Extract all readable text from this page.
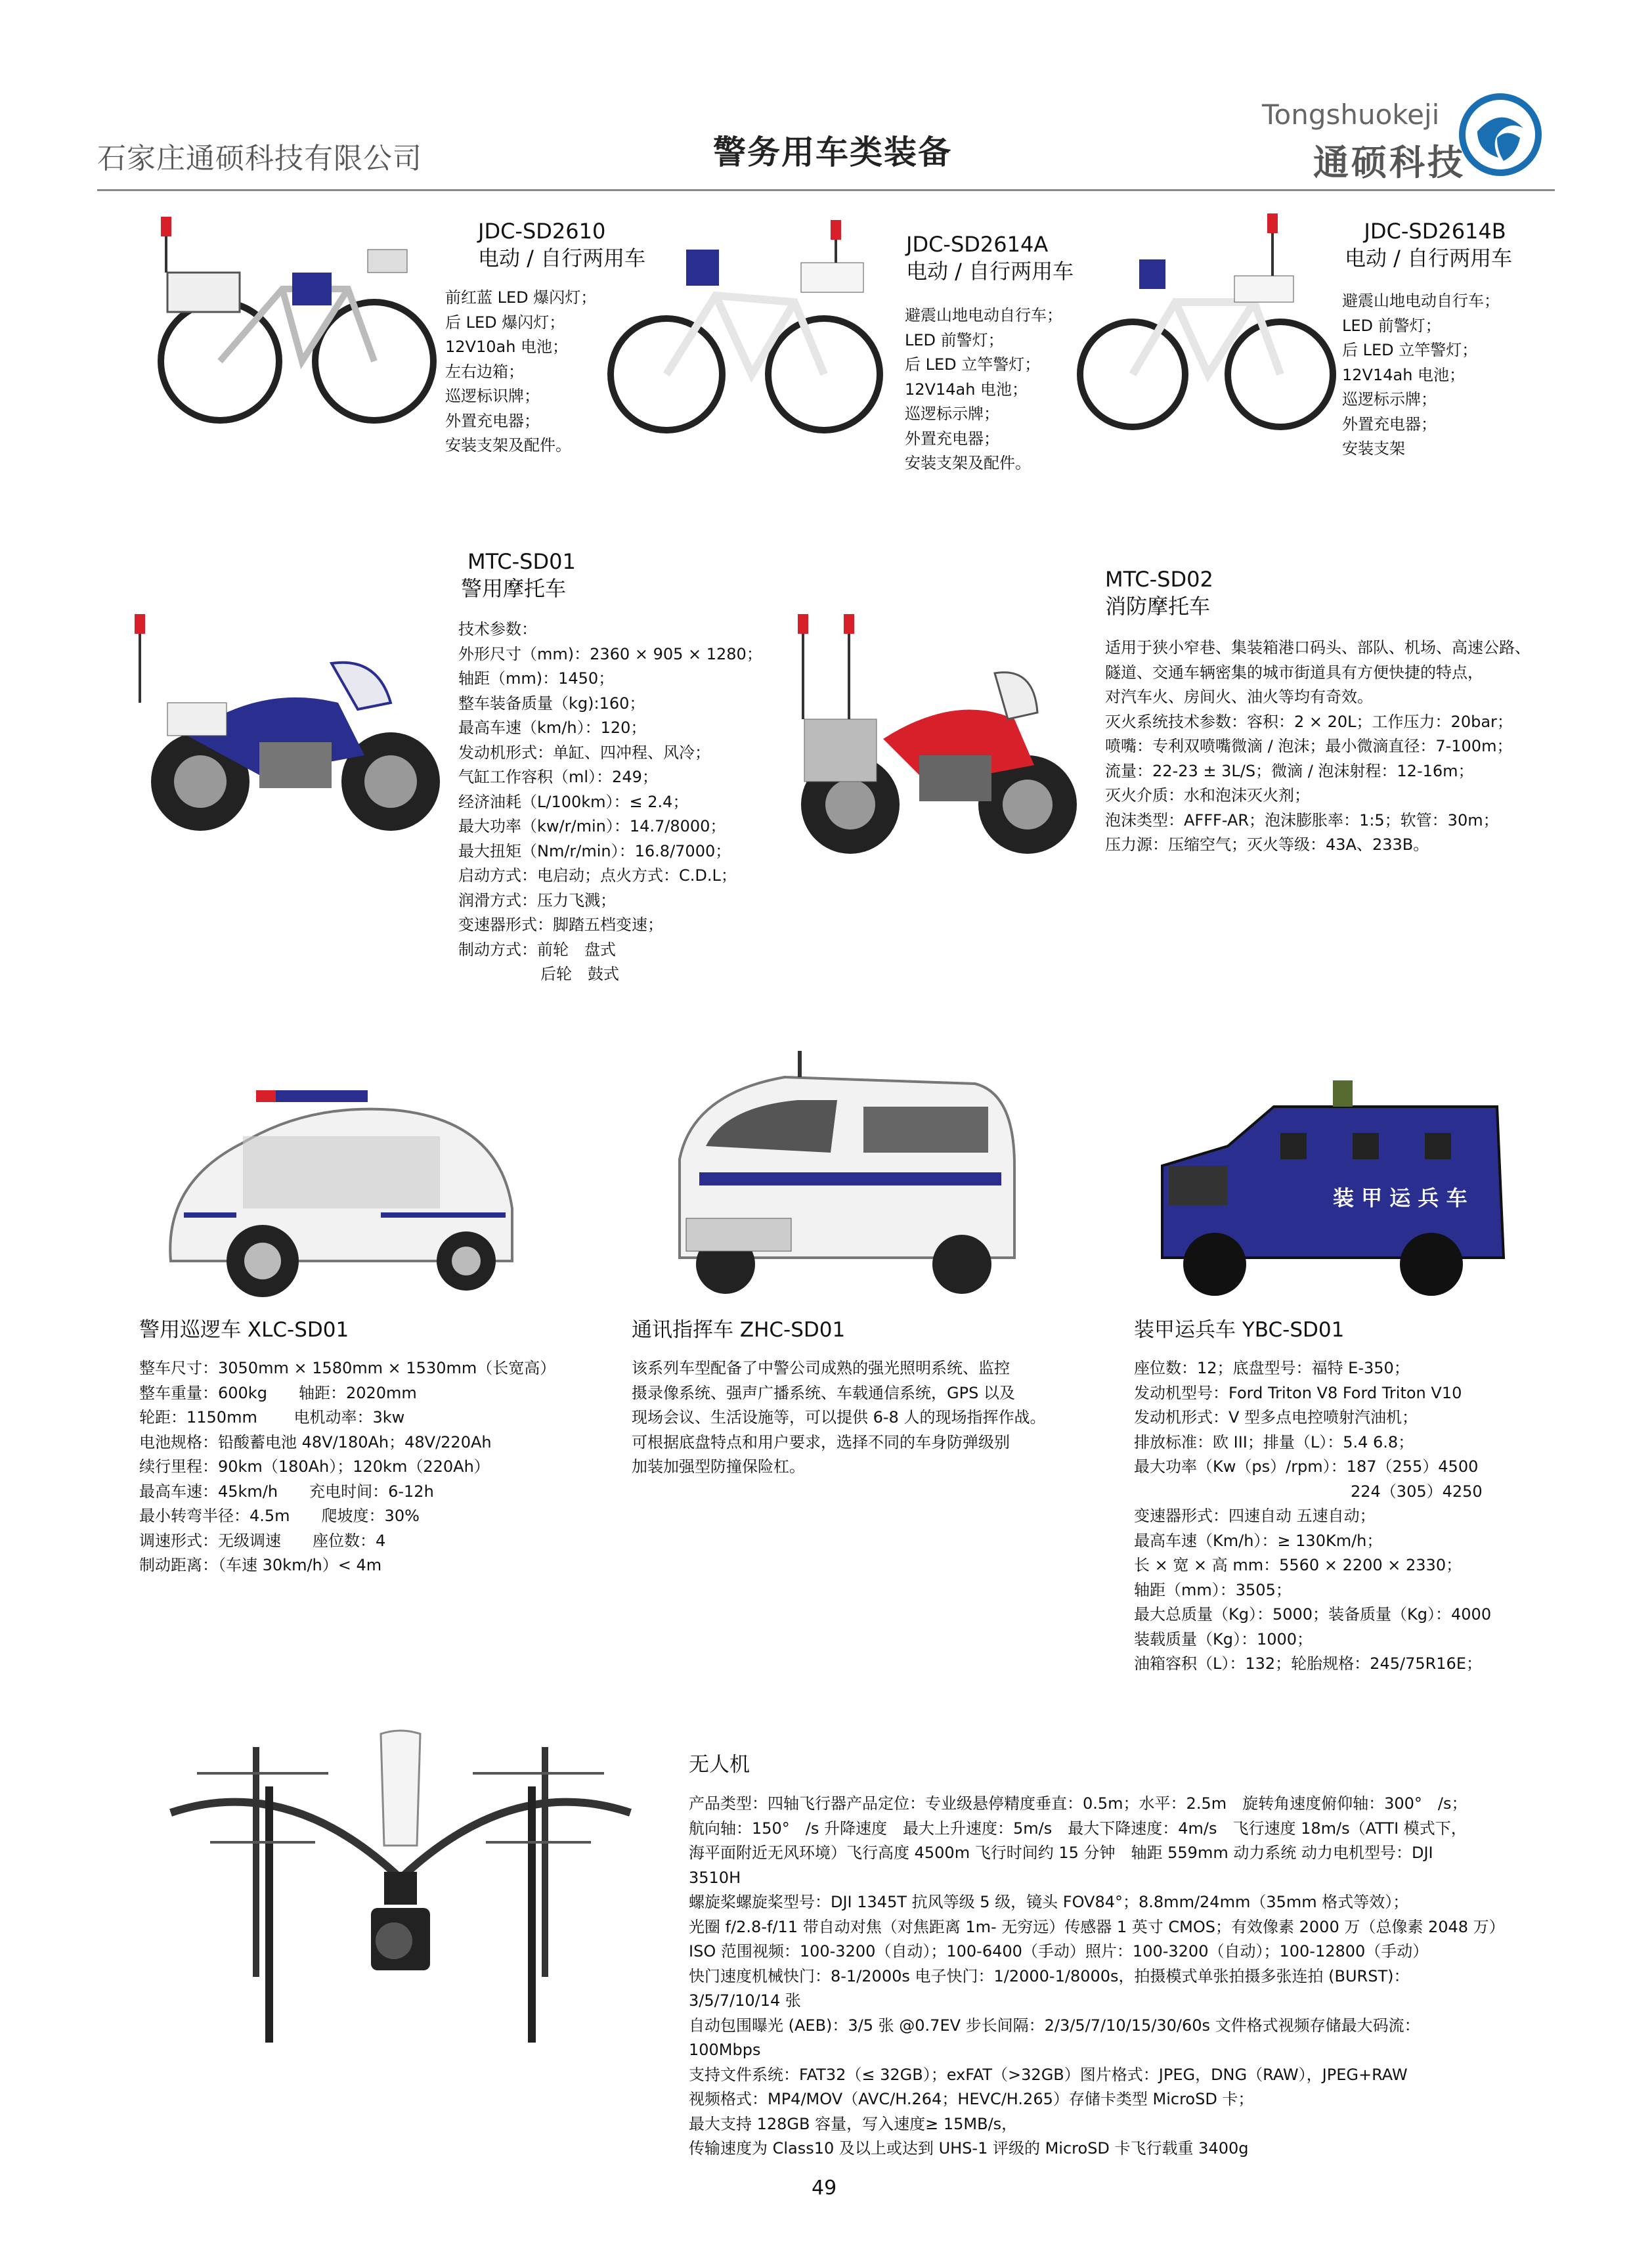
石家庄通硕科技有限公司	警务用车类装备
Tongshuokeji
通硕科技
JDC-SD2610
电动 / 自行两用车
前红蓝 LED 爆闪灯；
后 LED 爆闪灯；
12V10ah 电池；
左右边箱；
巡逻标识牌；
外置充电器；
安装支架及配件。
JDC-SD2614A
电动 / 自行两用车
避震山地电动自行车；
LED 前警灯；
后 LED 立竿警灯；
12V14ah 电池；
巡逻标示牌；
外置充电器；
安装支架及配件。
JDC-SD2614B
电动 / 自行两用车
避震山地电动自行车；
LED 前警灯；
后 LED 立竿警灯；
12V14ah 电池；
巡逻标示牌；
外置充电器；
安装支架
MTC-SD01
警用摩托车
技术参数：
外形尺寸（mm)：2360 × 905 × 1280；
轴距（mm)：1450；
整车装备质量（kg):160；
最高车速（km/h）：120；
发动机形式：单缸、四冲程、风冷；
气缸工作容积（ml）：249；
经济油耗（L/100km）：≤ 2.4；
最大功率（kw/r/min）：14.7/8000；
最大扭矩（Nm/r/min）：16.8/7000；
启动方式：电启动；点火方式：C.D.L；
润滑方式：压力飞溅；
变速器形式：脚踏五档变速；
制动方式：前轮　盘式
后轮　鼓式
MTC-SD02
消防摩托车
适用于狭小窄巷、集装箱港口码头、部队、机场、高速公路、
隧道、交通车辆密集的城市街道具有方便快捷的特点，
对汽车火、房间火、油火等均有奇效。
灭火系统技术参数：容积：2 × 20L；工作压力：20bar；
喷嘴：专利双喷嘴微滴 / 泡沫；最小微滴直径：7-100m；
流量：22-23 ± 3L/S；微滴 / 泡沫射程：12-16m；
灭火介质：水和泡沫灭火剂；
泡沫类型：AFFF-AR；泡沫膨胀率：1:5；软管：30m；
压力源：压缩空气；灭火等级：43A、233B。
装 甲 运 兵 车
警用巡逻车 XLC-SD01
整车尺寸：3050mm × 1580mm × 1530mm（长宽高）
整车重量：600kg　　轴距：2020mm
轮距：1150mm　　 电机动率：3kw
电池规格：铅酸蓄电池 48V/180Ah；48V/220Ah
续行里程：90km（180Ah）；120km（220Ah）
最高车速：45km/h　　充电时间：6-12h
最小转弯半径：4.5m　　爬坡度：30%
调速形式：无级调速　　座位数：4
制动距离：（车速 30km/h）< 4m
通讯指挥车 ZHC-SD01
该系列车型配备了中警公司成熟的强光照明系统、监控
摄录像系统、强声广播系统、车载通信系统，GPS 以及
现场会议、生活设施等，可以提供 6-8 人的现场指挥作战。
可根据底盘特点和用户要求，选择不同的车身防弹级别
加装加强型防撞保险杠。
装甲运兵车 YBC-SD01
座位数：12；底盘型号：福特 E-350；
发动机型号：Ford Triton V8 Ford Triton V10
发动机形式：V 型多点电控喷射汽油机；
排放标准：欧 III；排量（L）：5.4 6.8；
最大功率（Kw（ps）/rpm）：187（255）4500
224（305）4250
变速器形式：四速自动 五速自动；
最高车速（Km/h）：≥ 130Km/h；
长 × 宽 × 高 mm：5560 × 2200 × 2330；
轴距（mm）：3505；
最大总质量（Kg）：5000；装备质量（Kg）：4000
装载质量（Kg）：1000；
油箱容积（L）：132；轮胎规格：245/75R16E；
无人机
产品类型：四轴飞行器产品定位：专业级悬停精度垂直：0.5m；水平：2.5m　旋转角速度俯仰轴：300°　/s；
航向轴：150°　/s 升降速度　最大上升速度：5m/s　最大下降速度：4m/s　飞行速度 18m/s（ATTI 模式下，
海平面附近无风环境）飞行高度 4500m 飞行时间约 15 分钟　轴距 559mm 动力系统 动力电机型号：DJI
3510H
螺旋桨螺旋桨型号：DJI 1345T 抗风等级 5 级，镜头 FOV84°；8.8mm/24mm（35mm 格式等效）；
光圈 f/2.8-f/11 带自动对焦（对焦距离 1m- 无穷远）传感器 1 英寸 CMOS；有效像素 2000 万（总像素 2048 万）
ISO 范围视频：100-3200（自动）；100-6400（手动）照片：100-3200（自动）；100-12800（手动）
快门速度机械快门：8-1/2000s 电子快门：1/2000-1/8000s，拍摄模式单张拍摄多张连拍 (BURST)：
3/5/7/10/14 张
自动包围曝光 (AEB)：3/5 张 @0.7EV 步长间隔：2/3/5/7/10/15/30/60s 文件格式视频存储最大码流：
100Mbps
支持文件系统：FAT32（≤ 32GB）；exFAT（>32GB）图片格式：JPEG，DNG（RAW），JPEG+RAW
视频格式：MP4/MOV（AVC/H.264；HEVC/H.265）存储卡类型 MicroSD 卡；
最大支持 128GB 容量，写入速度≥ 15MB/s，
传输速度为 Class10 及以上或达到 UHS-1 评级的 MicroSD 卡飞行载重 3400g
49
